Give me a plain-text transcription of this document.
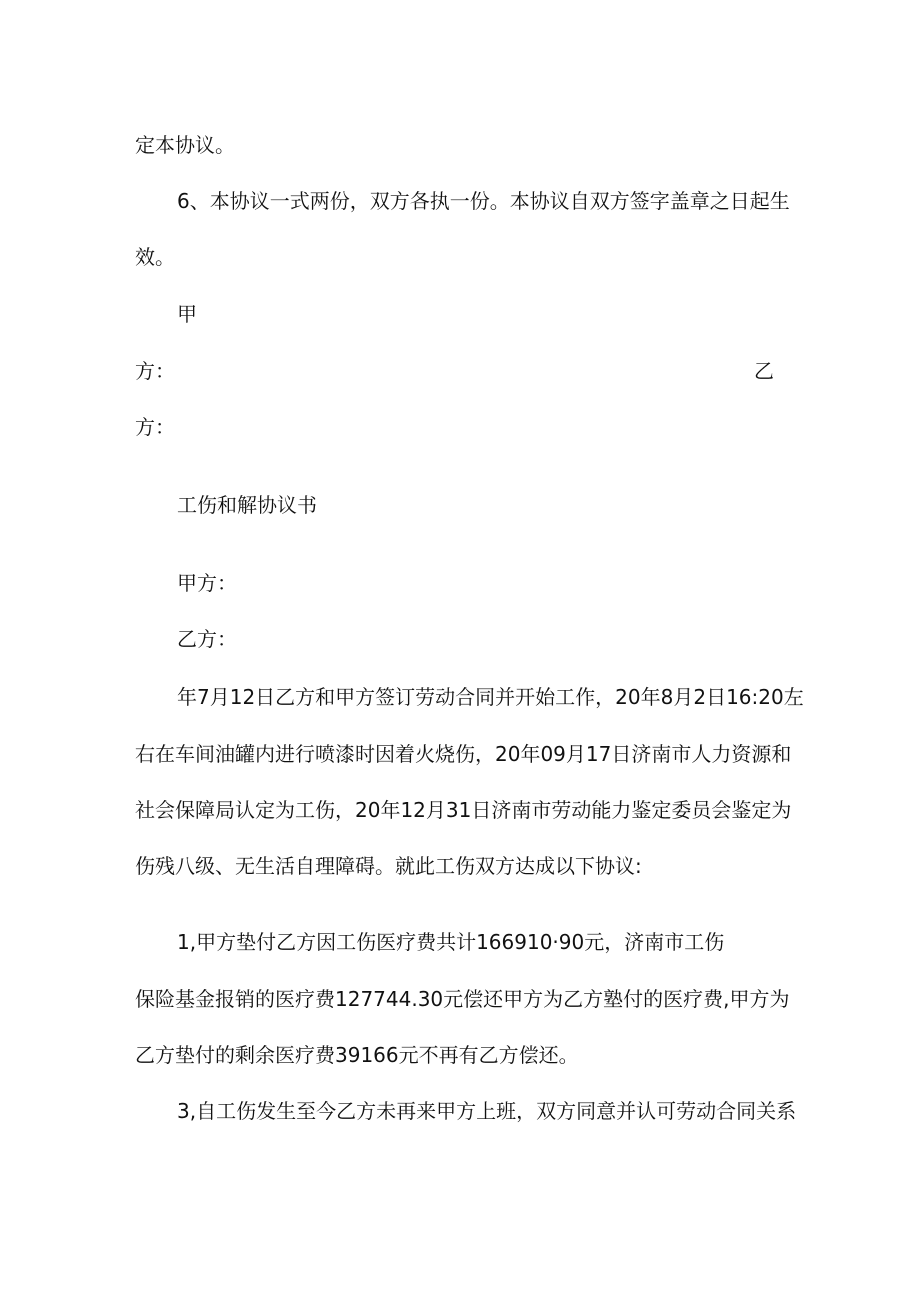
定本协议。
6、本协议一式两份，双方各执一份。本协议自双方签字盖章之日起生
效。
甲
方：	乙
方：
工伤和解协议书
甲方：
乙方：
年7月12日乙方和甲方签订劳动合同并开始工作，20年8月2日16:20左
右在车间油罐内进行喷漆时因着火烧伤，20年09月17日济南市人力资源和
社会保障局认定为工伤，20年12月31日济南市劳动能力鉴定委员会鉴定为
伤残八级、无生活自理障碍。就此工伤双方达成以下协议:
1,甲方垫付乙方因工伤医疗费共计166910·90元，济南市工伤
保险基金报销的医疗费127744.30元偿还甲方为乙方塾付的医疗费,甲方为
乙方垫付的剩余医疗费39166元不再有乙方偿还。
3,自工伤发生至今乙方未再来甲方上班，双方同意并认可劳动合同关系
